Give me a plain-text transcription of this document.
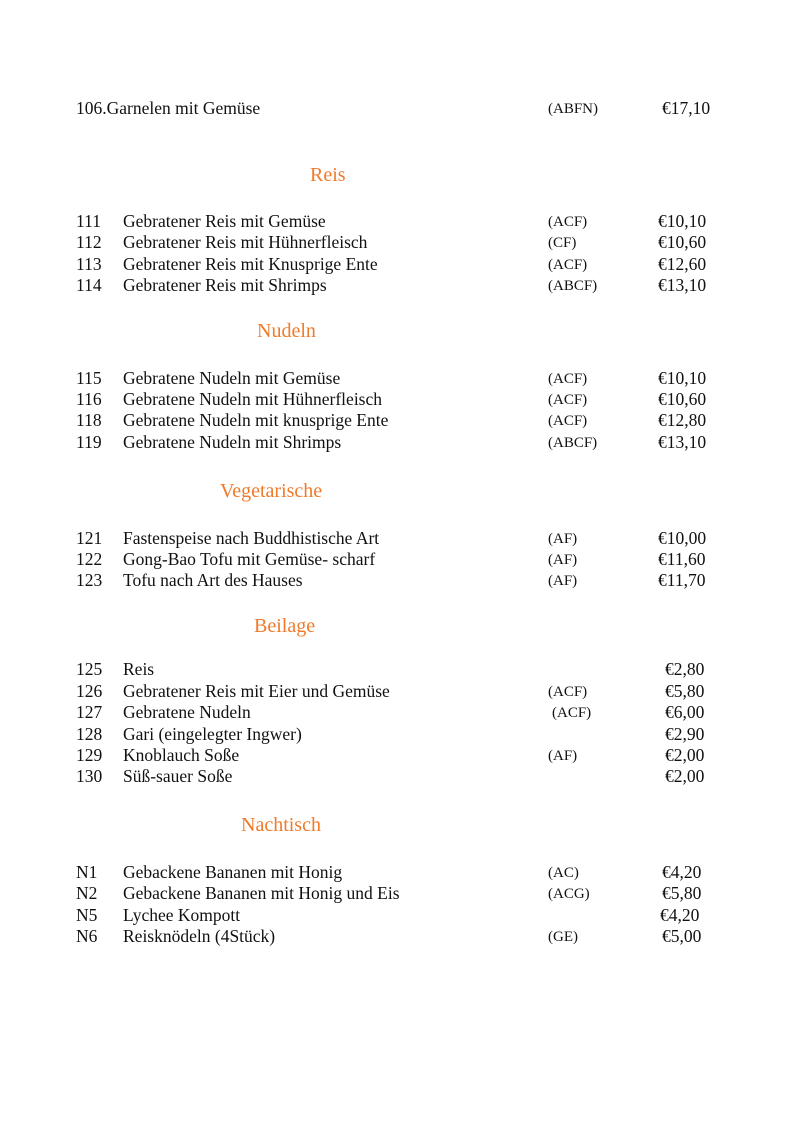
106.Garnelen mit Gemüse	(ABFN)	€17,10
Reis
111 Gebratener Reis mit Gemüse	(ACF)	€10,10
112 Gebratener Reis mit Hühnerfleisch	(CF)	€10,60
113 Gebratener Reis mit Knusprige Ente	(ACF)	€12,60
114 Gebratener Reis mit Shrimps	(ABCF)	€13,10
Nudeln
115 Gebratene Nudeln mit Gemüse	(ACF)	€10,10
116 Gebratene Nudeln mit Hühnerfleisch	(ACF)	€10,60
118 Gebratene Nudeln mit knusprige Ente	(ACF)	€12,80
119 Gebratene Nudeln mit Shrimps	(ABCF)	€13,10
Vegetarische
121 Fastenspeise nach Buddhistische Art	(AF)	€10,00
122 Gong-Bao Tofu mit Gemüse- scharf	(AF)	€11,60
123 Tofu nach Art des Hauses	(AF)	€11,70
Beilage
125 Reis	€2,80
126 Gebratener Reis mit Eier und Gemüse	(ACF)	€5,80
127 Gebratene Nudeln	(ACF)	€6,00
128 Gari (eingelegter Ingwer)	€2,90
129 Knoblauch Soße	(AF)	€2,00
130 Süß-sauer Soße	€2,00
Nachtisch
N1 Gebackene Bananen mit Honig	(AC)	€4,20
N2 Gebackene Bananen mit Honig und Eis	(ACG)	€5,80
N5 Lychee Kompott	€4,20
N6 Reisknödeln (4Stück)	(GE)	€5,00
